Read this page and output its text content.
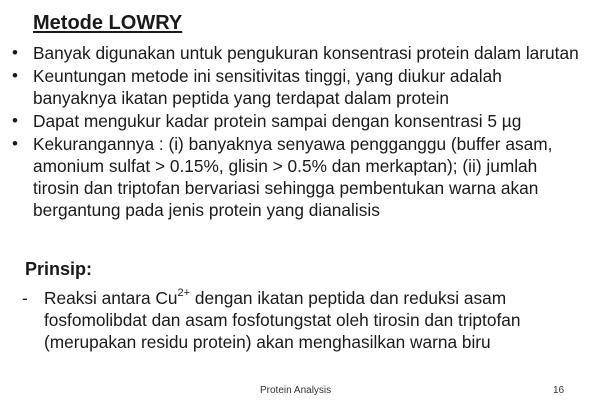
Metode LOWRY
• Banyak digunakan untuk pengukuran konsentrasi protein dalam larutan
• Keuntungan metode ini sensitivitas tinggi, yang diukur adalah banyaknya ikatan peptida yang terdapat dalam protein
• Dapat mengukur kadar protein sampai dengan konsentrasi 5 µg
• Kekurangannya : (i) banyaknya senyawa pengganggu (buffer asam, amonium sulfat > 0.15%, glisin > 0.5% dan merkaptan); (ii) jumlah tirosin dan triptofan bervariasi sehingga pembentukan warna akan bergantung pada jenis protein yang dianalisis
Prinsip:
- Reaksi antara $Cu^{2+}$ dengan ikatan peptida dan reduksi asam fosfomolibdat dan asam fosfotungstat oleh tirosin dan triptofan (merupakan residu protein) akan menghasilkan warna biru
Protein Analysis	16
